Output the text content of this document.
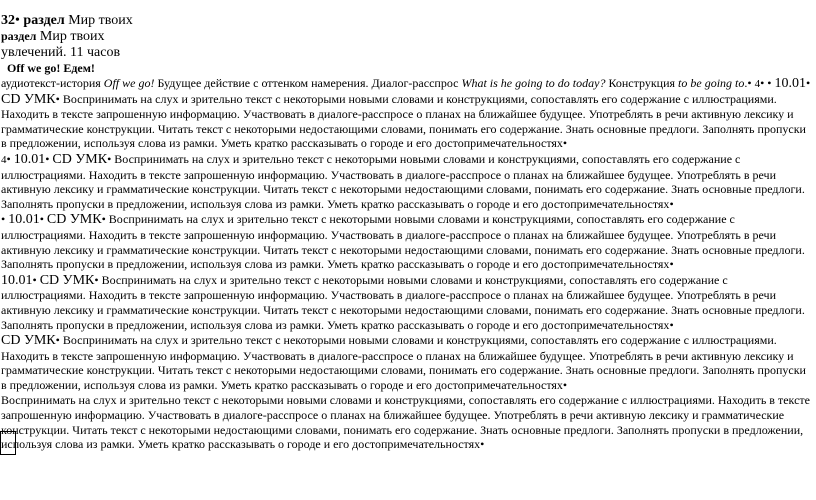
32• раздел Мир твоих
раздел Мир твоих
увлечений. 11 часов
Off we go! Едем!

аудиотекст-история Off we go! Будущее действие с оттенком намерения. Диалог-расспрос What is he going to do today? Конструкция to be going to.• 4• • 10.01• CD УМК• Воспринимать на слух и зрительно текст с некоторыми новыми словами и конструкциями, сопоставлять его содержание с иллюстрациями. Находить в тексте запрошенную информацию. Участвовать в диалоге-расспросе о планах на ближайшее будущее. Употреблять в речи активную лексику и грамматические конструкции. Читать текст с некоторыми недостающими словами, понимать его содержание. Знать основные предлоги. Заполнять пропуски в предложении, используя слова из рамки. Уметь кратко рассказывать о городе и его достопримечательностях•

4• 10.01• CD УМК• Воспринимать на слух и зрительно текст с некоторыми новыми словами и конструкциями, сопоставлять его содержание с иллюстрациями. Находить в тексте запрошенную информацию. Участвовать в диалоге-расспросе о планах на ближайшее будущее. Употреблять в речи активную лексику и грамматические конструкции. Читать текст с некоторыми недостающими словами, понимать его содержание. Знать основные предлоги. Заполнять пропуски в предложении, используя слова из рамки. Уметь кратко рассказывать о городе и его достопримечательностях•

• 10.01• CD УМК• Воспринимать на слух и зрительно текст с некоторыми новыми словами и конструкциями, сопоставлять его содержание с иллюстрациями. Находить в тексте запрошенную информацию. Участвовать в диалоге-расспросе о планах на ближайшее будущее. Употреблять в речи активную лексику и грамматические конструкции. Читать текст с некоторыми недостающими словами, понимать его содержание. Знать основные предлоги. Заполнять пропуски в предложении, используя слова из рамки. Уметь кратко рассказывать о городе и его достопримечательностях•

10.01• CD УМК• Воспринимать на слух и зрительно текст с некоторыми новыми словами и конструкциями, сопоставлять его содержание с иллюстрациями. Находить в тексте запрошенную информацию. Участвовать в диалоге-расспросе о планах на ближайшее будущее. Употреблять в речи активную лексику и грамматические конструкции. Читать текст с некоторыми недостающими словами, понимать его содержание. Знать основные предлоги. Заполнять пропуски в предложении, используя слова из рамки. Уметь кратко рассказывать о городе и его достопримечательностях•

CD УМК• Воспринимать на слух и зрительно текст с некоторыми новыми словами и конструкциями, сопоставлять его содержание с иллюстрациями. Находить в тексте запрошенную информацию. Участвовать в диалоге-расспросе о планах на ближайшее будущее. Употреблять в речи активную лексику и грамматические конструкции. Читать текст с некоторыми недостающими словами, понимать его содержание. Знать основные предлоги. Заполнять пропуски в предложении, используя слова из рамки. Уметь кратко рассказывать о городе и его достопримечательностях•

Воспринимать на слух и зрительно текст с некоторыми новыми словами и конструкциями, сопоставлять его содержание с иллюстрациями. Находить в тексте запрошенную информацию. Участвовать в диалоге-расспросе о планах на ближайшее будущее. Употреблять в речи активную лексику и грамматические конструкции. Читать текст с некоторыми недостающими словами, понимать его содержание. Знать основные предлоги. Заполнять пропуски в предложении, используя слова из рамки. Уметь кратко рассказывать о городе и его достопримечательностях•
